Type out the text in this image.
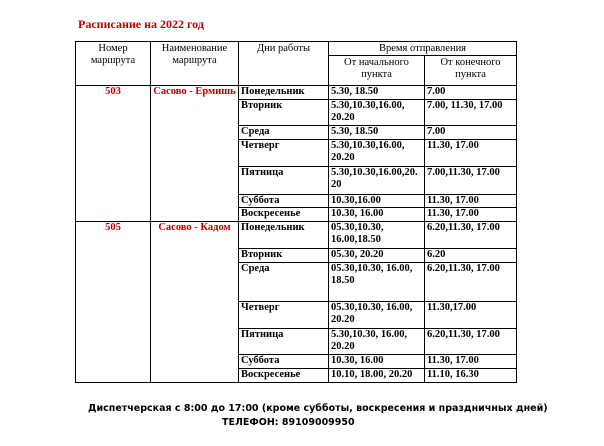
Расписание на 2022 год
Номер маршрута	Наименование маршрута	Дни работы	Время отправления	
			От начального пункта	От конечного пункта
503	Сасово - Ермишь	Понедельник	5.30, 18.50	7.00
		Вторник	5.30,10.30,16.00, 20.20	7.00, 11.30, 17.00
		Среда	5.30, 18.50	7.00
		Четверг	5.30,10.30,16.00, 20.20	11.30, 17.00
		Пятница	5.30,10.30,16.00,20. 20	7.00,11.30, 17.00
		Суббота	10.30,16.00	11.30, 17.00
		Воскресенье	10.30, 16.00	11.30, 17.00
505	Сасово - Кадом	Понедельник	05.30,10.30, 16.00,18.50	6.20,11.30, 17.00
		Вторник	05.30, 20.20	6.20
		Среда	05.30,10.30, 16.00, 18.50	6.20,11.30, 17.00
		Четверг	05.30,10.30, 16.00, 20.20	11.30,17.00
		Пятница	5.30,10.30, 16.00, 20.20	6.20,11.30, 17.00
		Суббота	10.30, 16.00	11.30, 17.00
		Воскресенье	10.10, 18.00, 20.20	11.10, 16.30
Диспетчерская с 8:00 до 17:00 (кроме субботы, воскресения и праздничных дней)
ТЕЛЕФОН: 89109009950
